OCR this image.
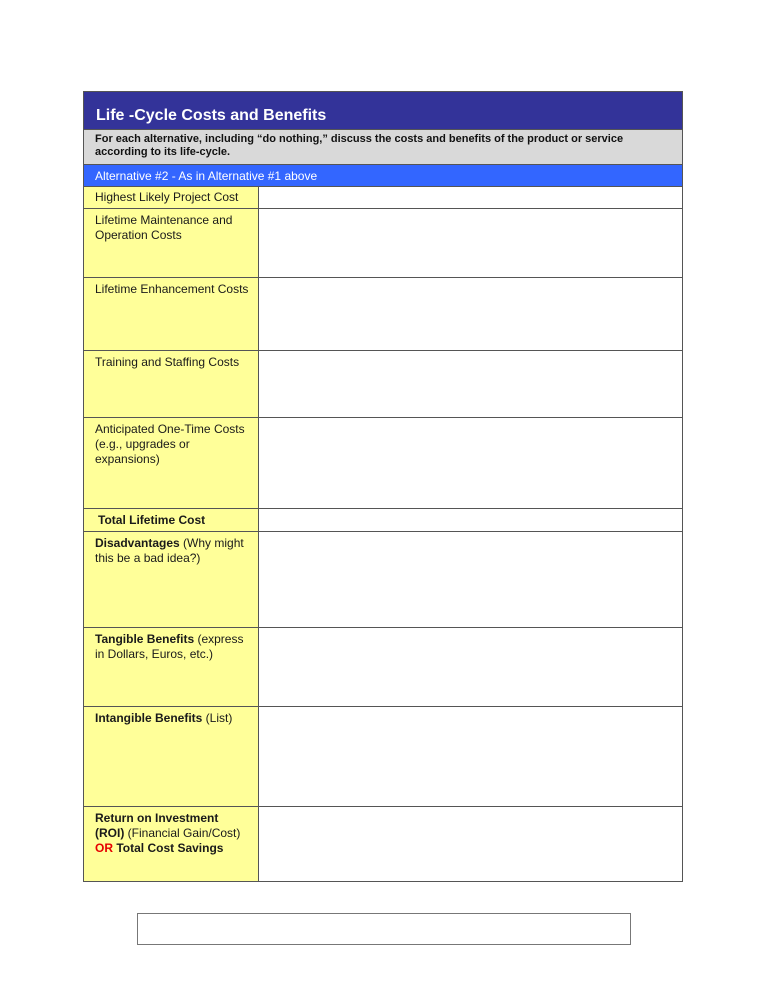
Life -Cycle Costs and Benefits
For each alternative, including “do nothing,” discuss the costs and benefits of the product or service according to its life-cycle.
Alternative #2 - As in Alternative #1 above
Highest Likely Project Cost
Lifetime Maintenance and Operation Costs
Lifetime Enhancement Costs
Training and Staffing Costs
Anticipated One-Time Costs (e.g., upgrades or expansions)
Total Lifetime Cost
Disadvantages (Why might this be a bad idea?)
Tangible Benefits (express in Dollars, Euros, etc.)
Intangible Benefits (List)
Return on Investment (ROI) (Financial Gain/Cost) OR Total Cost Savings
